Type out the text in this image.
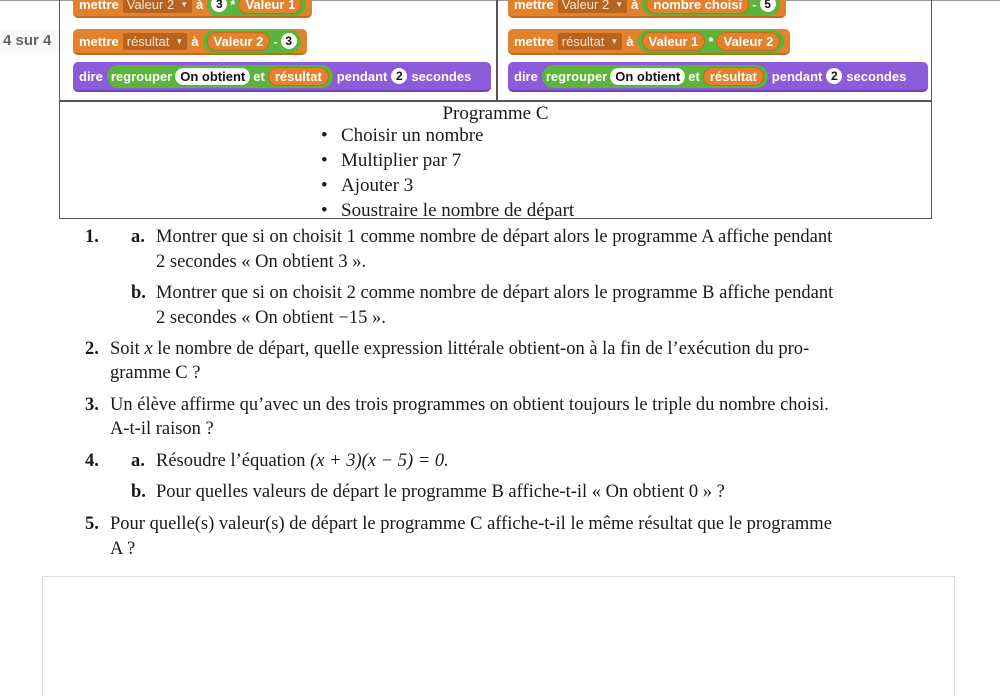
4 sur 4
mettre Valeur 2 ▼ à	3 * Valeur 1
mettre résultat ▼ à	Valeur 2 - 3
dire regrouper On obtient et résultat	pendant 2 secondes
mettre Valeur 2 ▼ à	nombre choisi - 5
mettre résultat ▼ à	Valeur 1 * Valeur 2
dire regrouper On obtient et résultat	pendant 2 secondes
Programme C
• Choisir un nombre
• Multiplier par 7
• Ajouter 3
• Soustraire le nombre de départ
1. a. Montrer que si on choisit 1 comme nombre de départ alors le programme A affiche pendant
2 secondes « On obtient 3 ».
b. Montrer que si on choisit 2 comme nombre de départ alors le programme B affiche pendant
2 secondes « On obtient −15 ».
2. Soit x le nombre de départ, quelle expression littérale obtient-on à la fin de l’exécution du pro-
gramme C ?
3. Un élève affirme qu’avec un des trois programmes on obtient toujours le triple du nombre choisi.
A-t-il raison ?
4. a. Résoudre l’équation (x + 3)(x − 5) = 0.
b. Pour quelles valeurs de départ le programme B affiche-t-il « On obtient 0 » ?
5. Pour quelle(s) valeur(s) de départ le programme C affiche-t-il le même résultat que le programme
A ?
